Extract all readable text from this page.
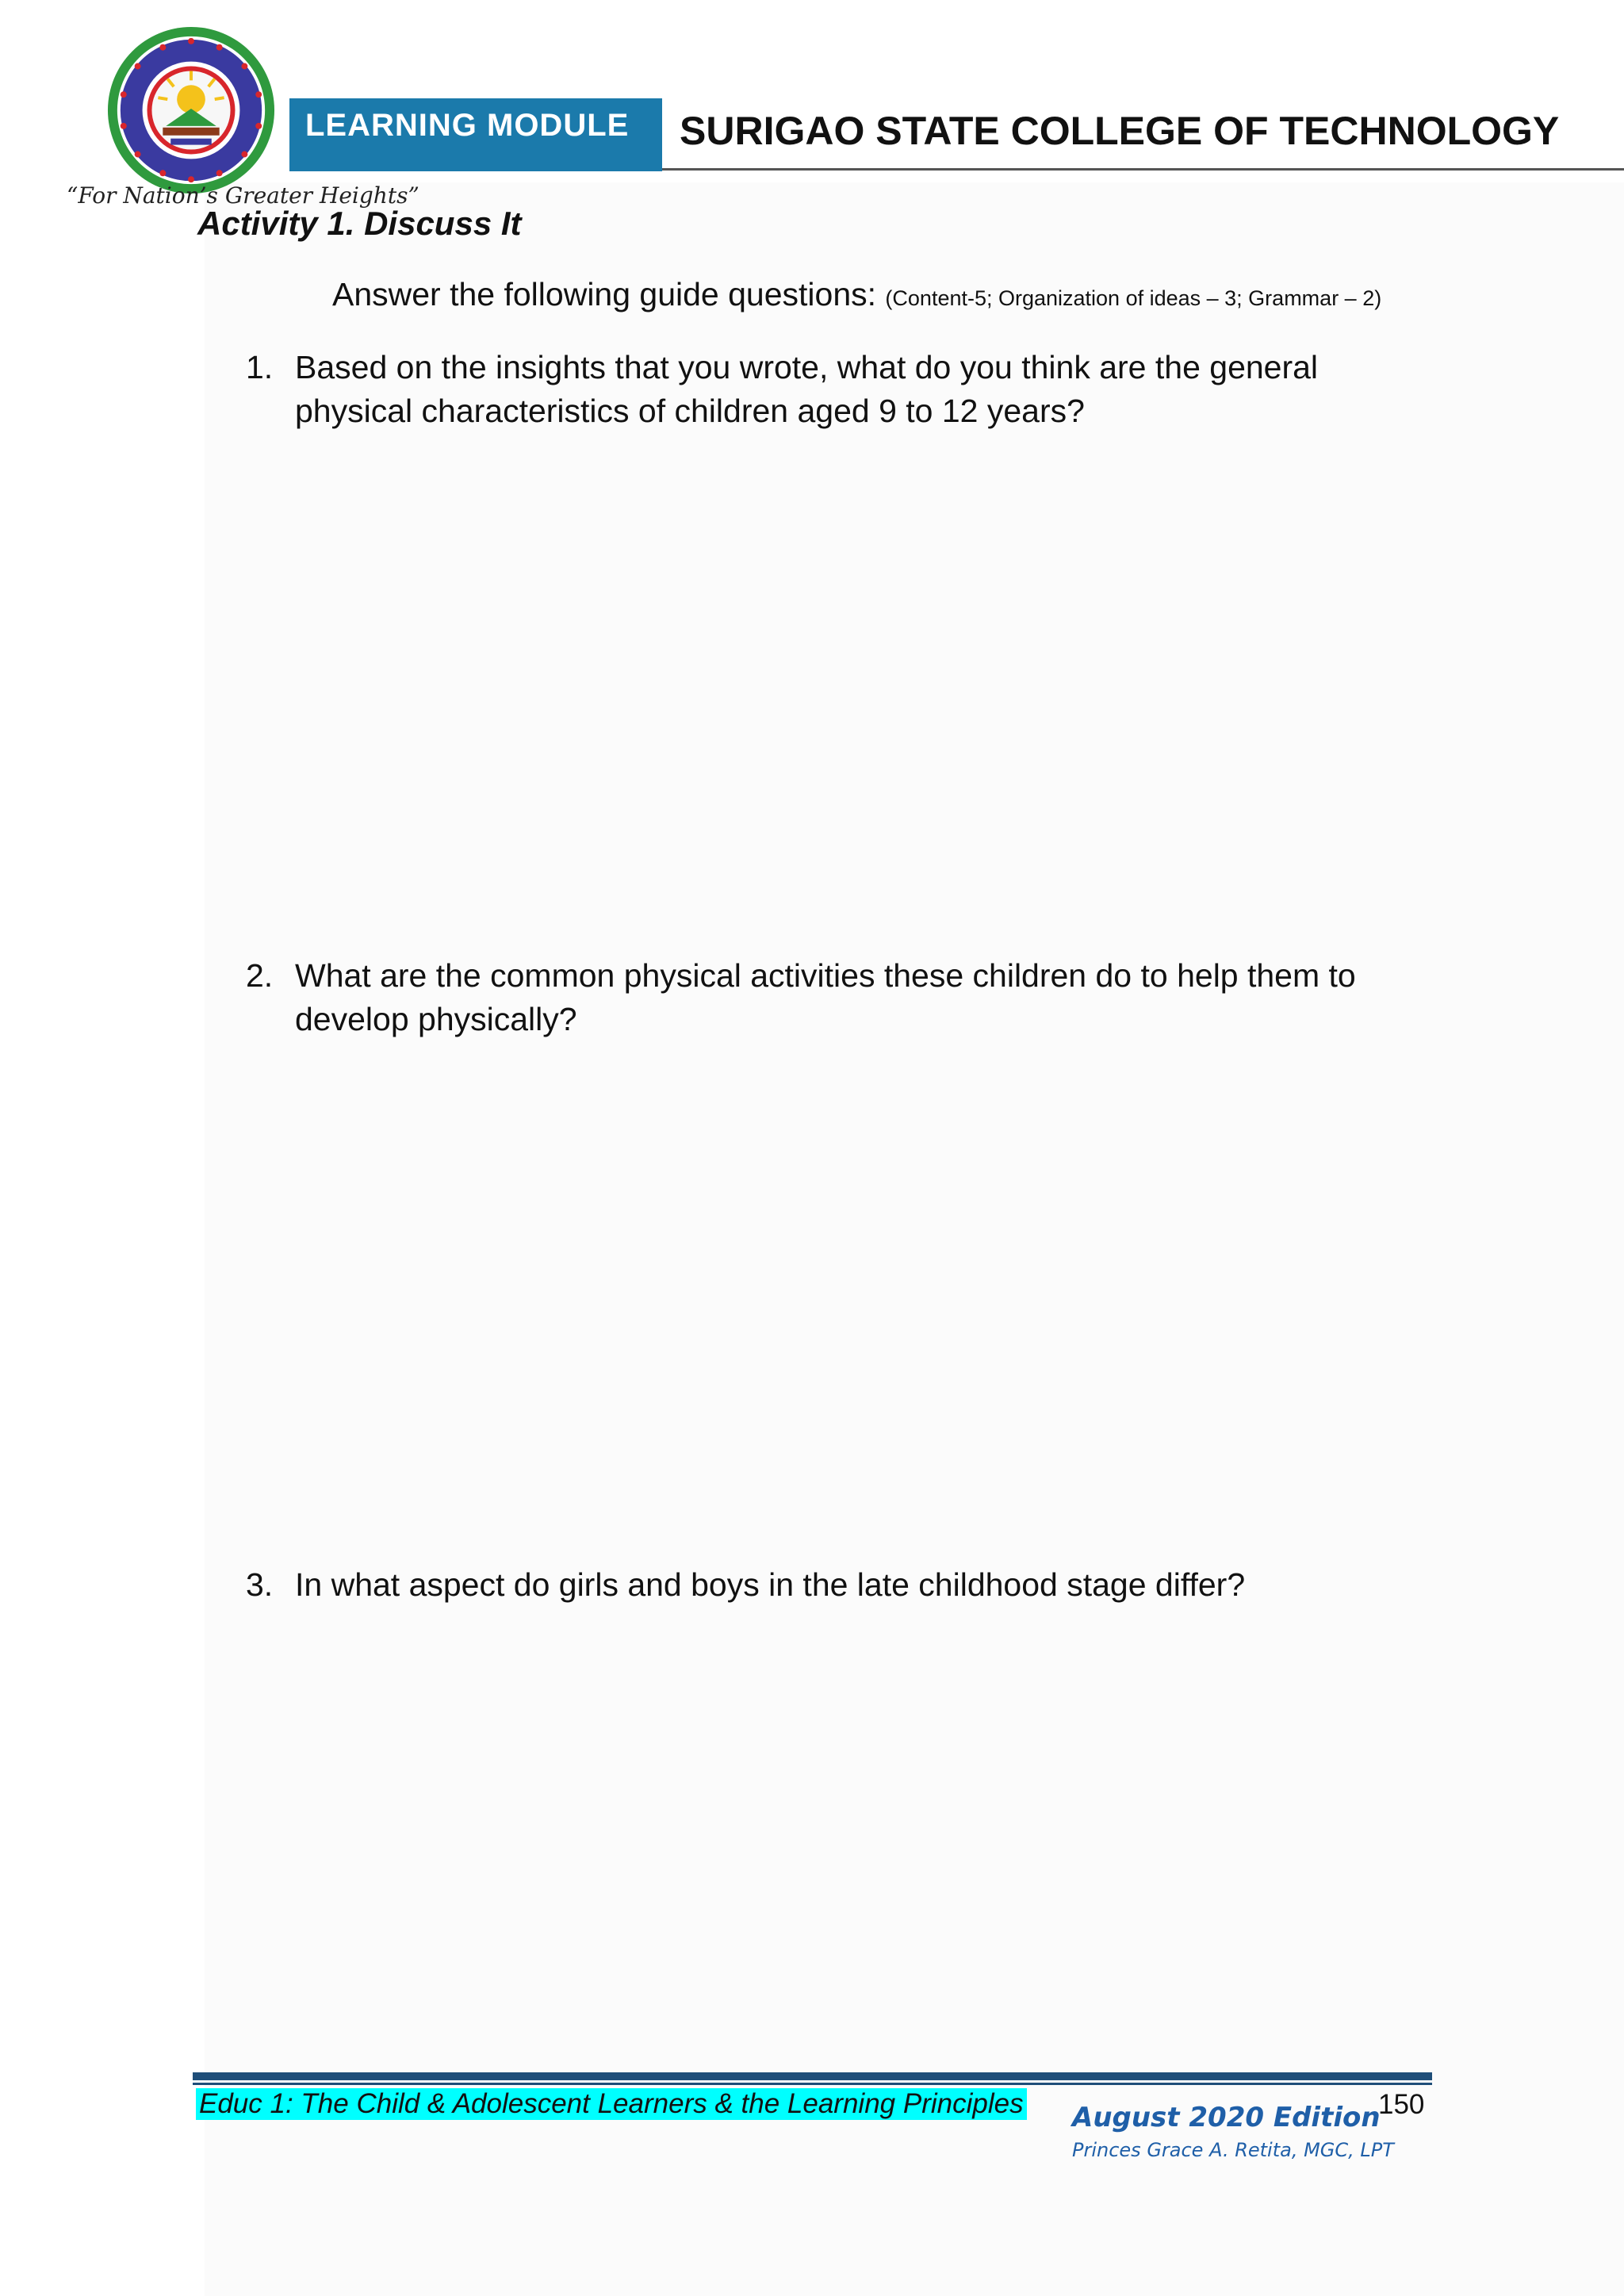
“For Nation’s Greater Heights”
LEARNING MODULE	SURIGAO STATE COLLEGE OF TECHNOLOGY
Activity 1. Discuss It
Answer the following guide questions: (Content-5; Organization of ideas – 3; Grammar – 2)
1. Based on the insights that you wrote, what do you think are the general physical characteristics of children aged 9 to 12 years?
2. What are the common physical activities these children do to help them to develop physically?
3. In what aspect do girls and boys in the late childhood stage differ?
Educ 1: The Child & Adolescent Learners & the Learning Principles August 2020 Edition
Princes Grace A. Retita, MGC, LPT
150
